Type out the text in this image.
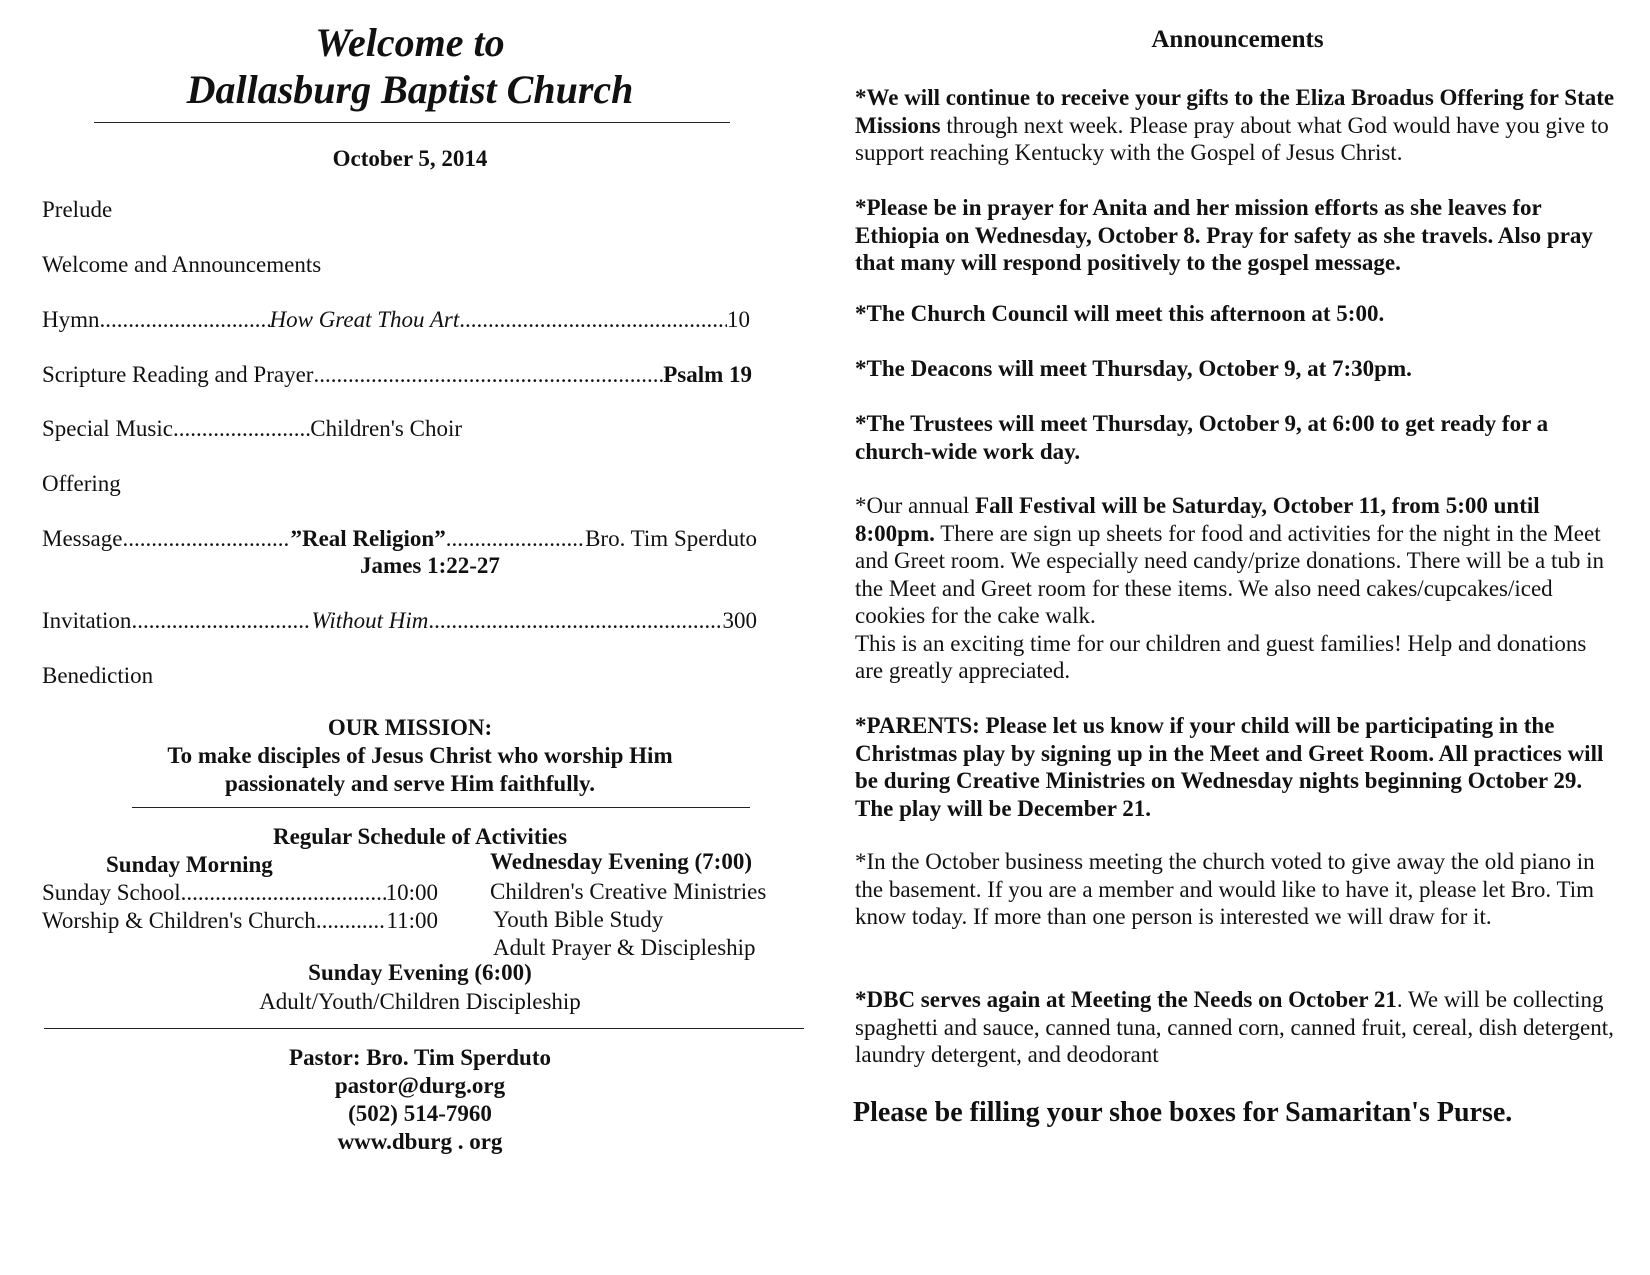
Welcome to
Dallasburg Baptist Church
October 5, 2014
Prelude
Welcome and Announcements
Hymn .....	How Great Thou Art .....	10
Scripture Reading and Prayer .....	Psalm 19
Special Music .....	Children's Choir
Offering
Message .....	”Real Religion” .....	Bro. Tim Sperduto
James 1:22-27
Invitation .....	Without Him .....	300
Benediction
OUR MISSION:
To make disciples of Jesus Christ who worship Him
passionately and serve Him faithfully.
Regular Schedule of Activities
Sunday Morning
Sunday School .....	10:00
Worship & Children's Church .....	11:00
Wednesday Evening (7:00)
Children's Creative Ministries
Youth Bible Study
Adult Prayer & Discipleship
Sunday Evening (6:00)
Adult/Youth/Children Discipleship
Pastor: Bro. Tim Sperduto
pastor@durg.org
(502) 514-7960
www.dburg . org
Announcements
*We will continue to receive your gifts to the Eliza Broadus Offering for State Missions through next week. Please pray about what God would have you give to support reaching Kentucky with the Gospel of Jesus Christ.
*Please be in prayer for Anita and her mission efforts as she leaves for Ethiopia on Wednesday, October 8. Pray for safety as she travels. Also pray that many will respond positively to the gospel message.
*The Church Council will meet this afternoon at 5:00.
*The Deacons will meet Thursday, October 9, at 7:30pm.
*The Trustees will meet Thursday, October 9, at 6:00 to get ready for a church-wide work day.
*Our annual Fall Festival will be Saturday, October 11, from 5:00 until 8:00pm. There are sign up sheets for food and activities for the night in the Meet and Greet room. We especially need candy/prize donations. There will be a tub in the Meet and Greet room for these items. We also need cakes/cupcakes/iced cookies for the cake walk.
This is an exciting time for our children and guest families! Help and donations are greatly appreciated.
*PARENTS: Please let us know if your child will be participating in the Christmas play by signing up in the Meet and Greet Room. All practices will be during Creative Ministries on Wednesday nights beginning October 29. The play will be December 21.
*In the October business meeting the church voted to give away the old piano in the basement. If you are a member and would like to have it, please let Bro. Tim know today. If more than one person is interested we will draw for it.
*DBC serves again at Meeting the Needs on October 21. We will be collecting spaghetti and sauce, canned tuna, canned corn, canned fruit, cereal, dish detergent, laundry detergent, and deodorant
Please be filling your shoe boxes for Samaritan's Purse.
